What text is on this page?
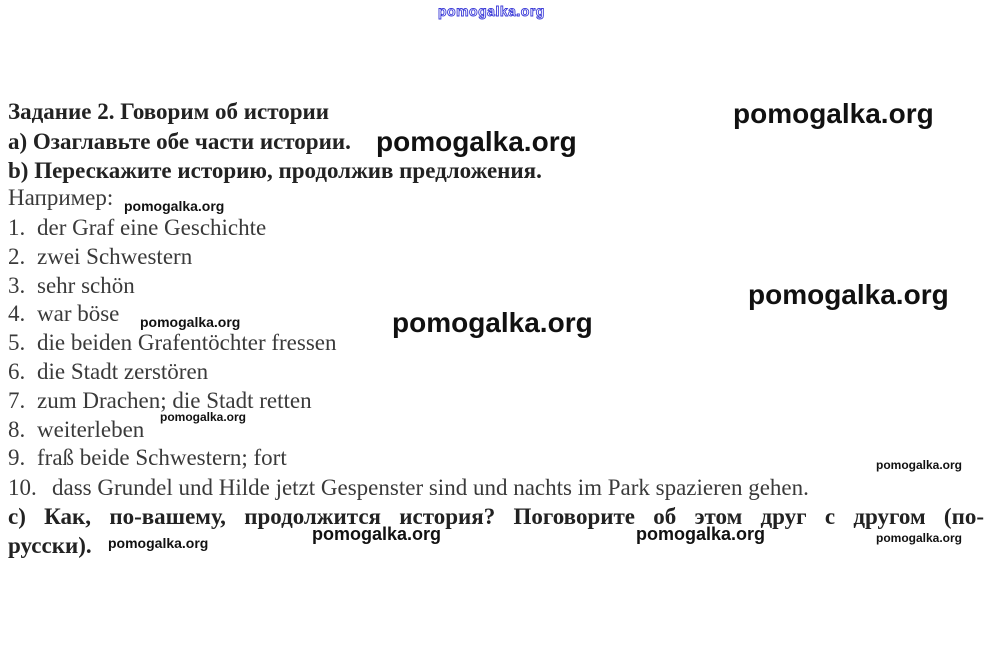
pomogalka.org
Задание 2. Говорим об истории
a) Озаглавьте обе части истории.
b) Перескажите историю, продолжив предложения.
Например:
1. der Graf eine Geschichte
2. zwei Schwestern
3. sehr schön
4. war böse
5. die beiden Grafentöchter fressen
6. die Stadt zerstören
7. zum Drachen; die Stadt retten
8. weiterleben
9. fraß beide Schwestern; fort
10. dass Grundel und Hilde jetzt Gespenster sind und nachts im Park spazieren gehen.
c) Как, по-вашему, продолжится история? Поговорите об этом друг с другом (по-
русски).
pomogalka.org
pomogalka.org
pomogalka.org
pomogalka.org
pomogalka.org	pomogalka.org
pomogalka.org
pomogalka.org
pomogalka.org	pomogalka.org
pomogalka.org	pomogalka.org
